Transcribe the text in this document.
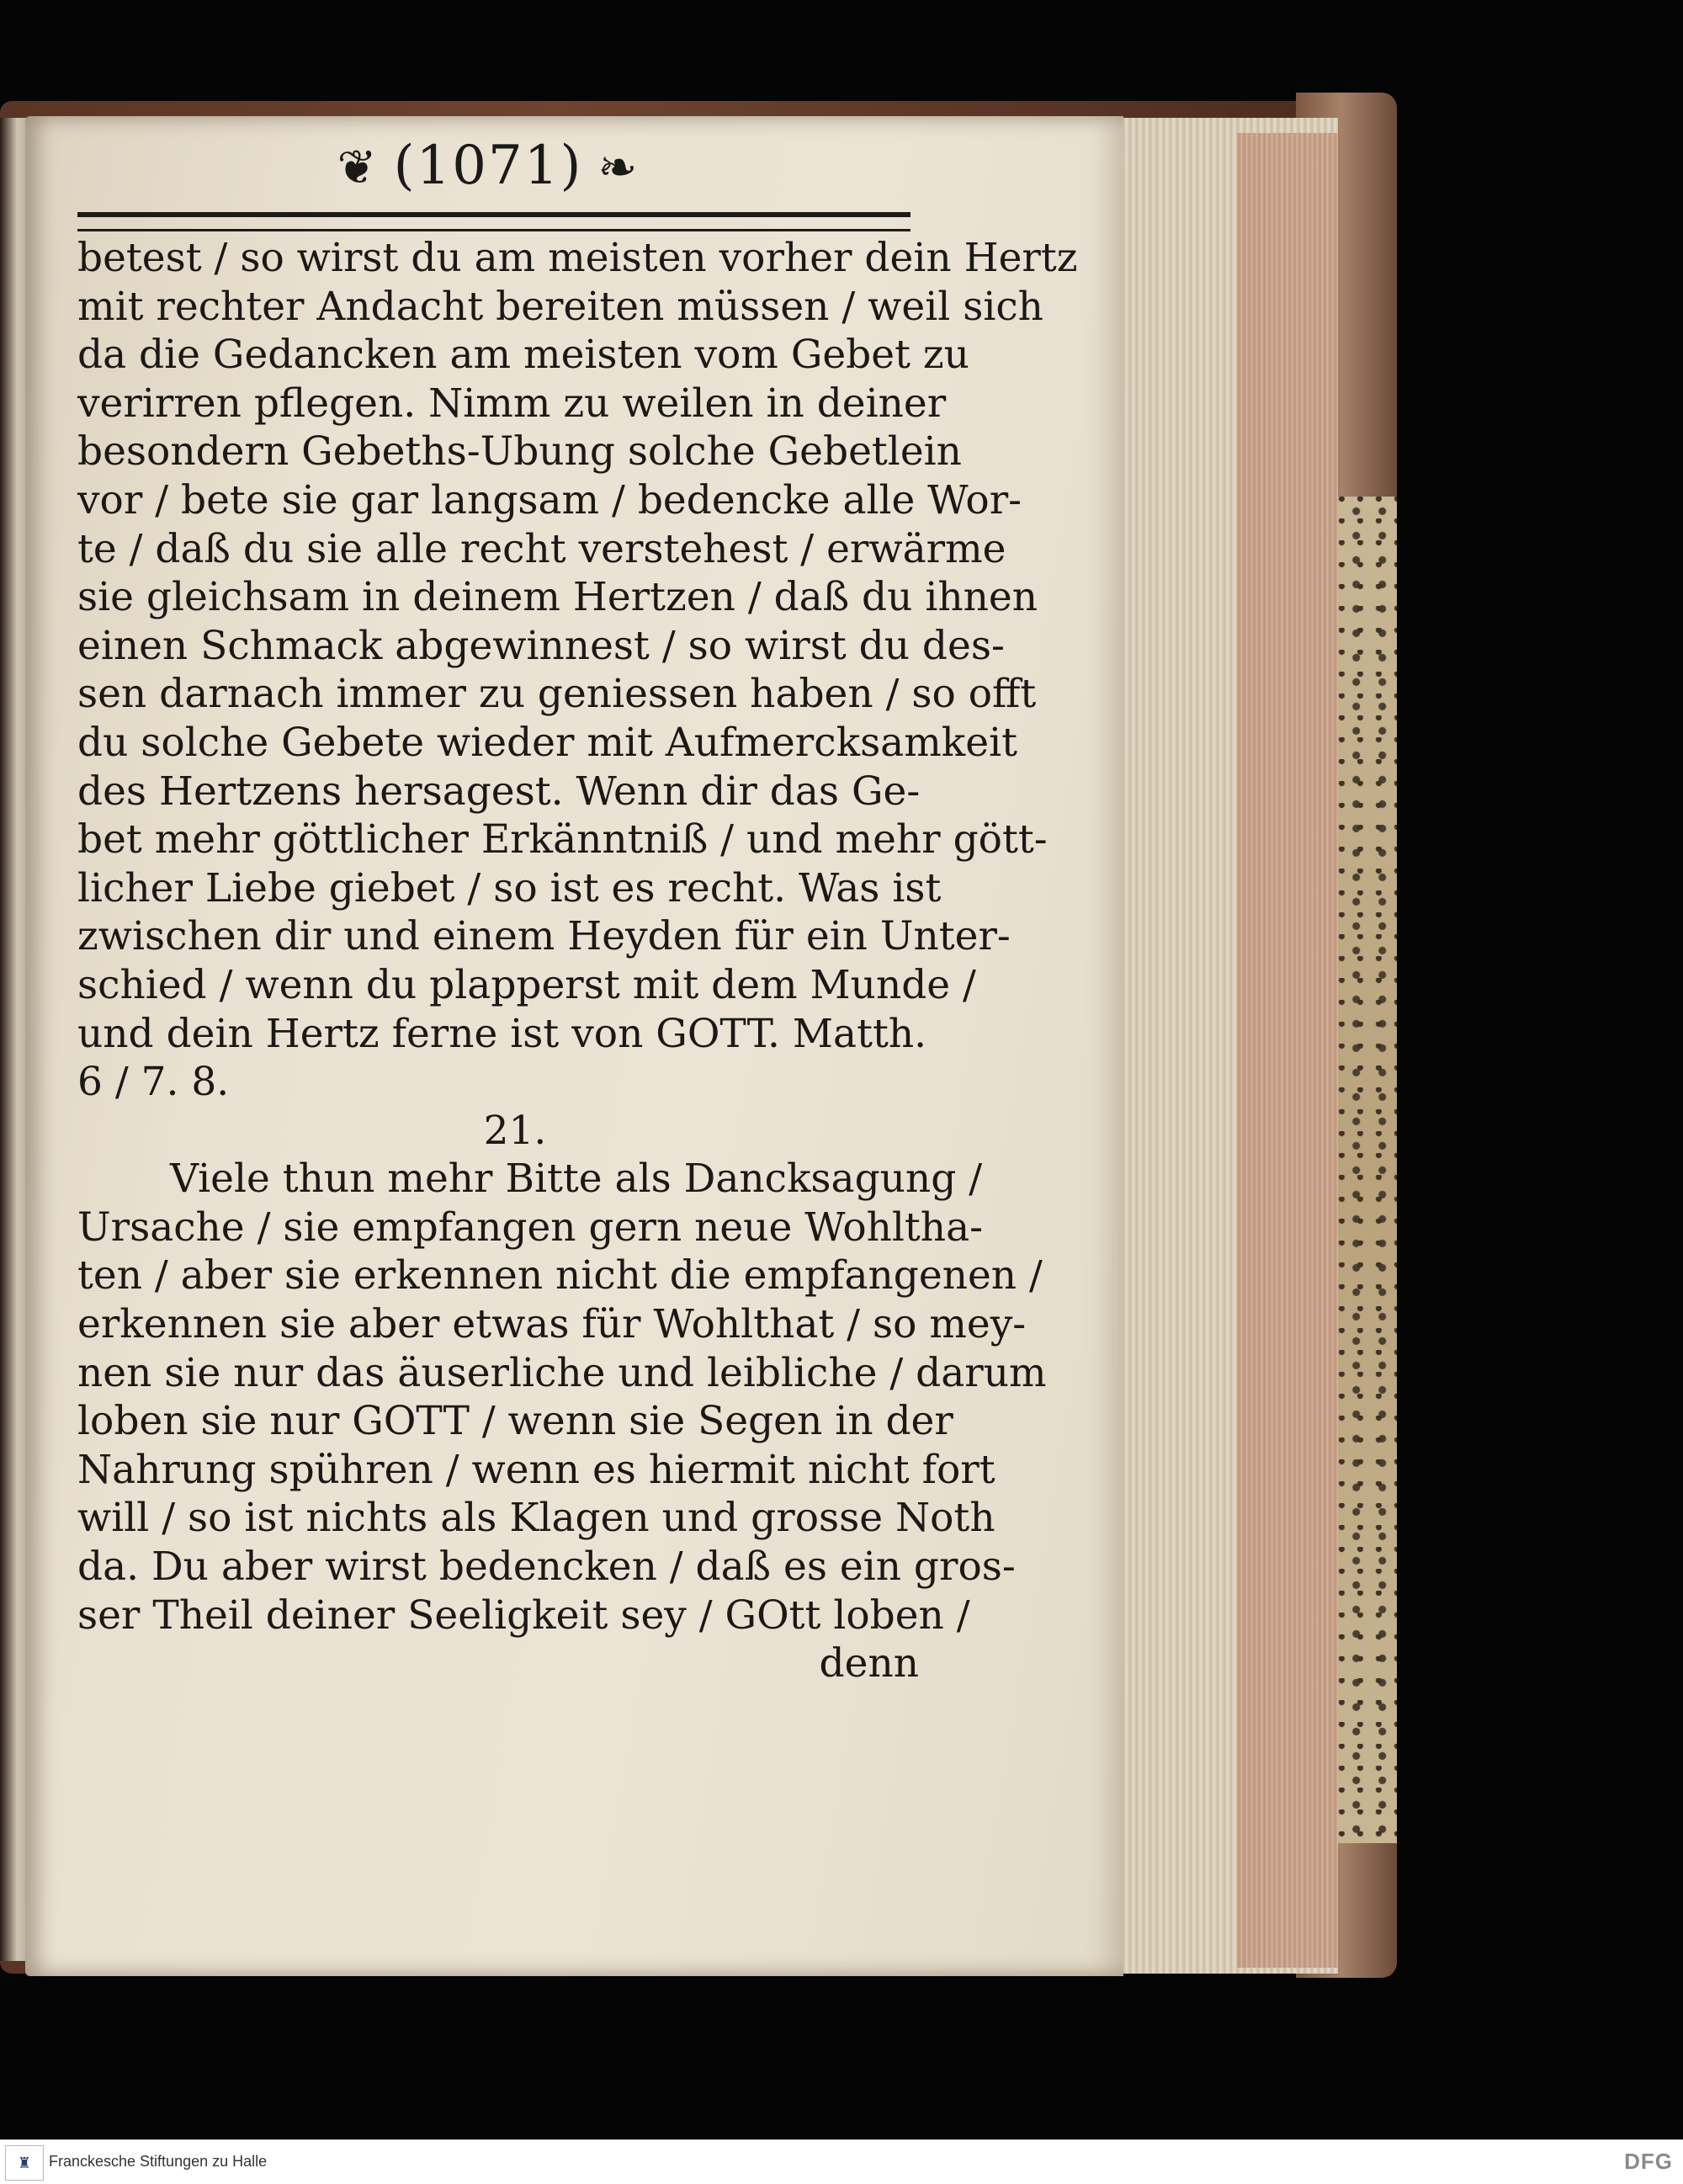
❦ (1071) ❧
betest / so wirst du am meisten vorher dein Hertz
mit rechter Andacht bereiten müssen / weil sich
da die Gedancken am meisten vom Gebet zu
verirren pflegen. Nimm zu weilen in deiner
besondern Gebeths-Ubung solche Gebetlein
vor / bete sie gar langsam / bedencke alle Wor-
te / daß du sie alle recht verstehest / erwärme
sie gleichsam in deinem Hertzen / daß du ihnen
einen Schmack abgewinnest / so wirst du des-
sen darnach immer zu geniessen haben / so offt
du solche Gebete wieder mit Aufmercksamkeit
des Hertzens hersagest. Wenn dir das Ge-
bet mehr göttlicher Erkänntniß / und mehr gött-
licher Liebe giebet / so ist es recht. Was ist
zwischen dir und einem Heyden für ein Unter-
schied / wenn du plapperst mit dem Munde /
und dein Hertz ferne ist von GOTT. Matth.
6 / 7. 8.
21.
Viele thun mehr Bitte als Dancksagung /
Ursache / sie empfangen gern neue Wohltha-
ten / aber sie erkennen nicht die empfangenen /
erkennen sie aber etwas für Wohlthat / so mey-
nen sie nur das äuserliche und leibliche / darum
loben sie nur GOTT / wenn sie Segen in der
Nahrung spühren / wenn es hiermit nicht fort
will / so ist nichts als Klagen und grosse Noth
da. Du aber wirst bedencken / daß es ein gros-
ser Theil deiner Seeligkeit sey / GOtt loben /
denn
♜	Franckesche Stiftungen zu Halle	DFG
